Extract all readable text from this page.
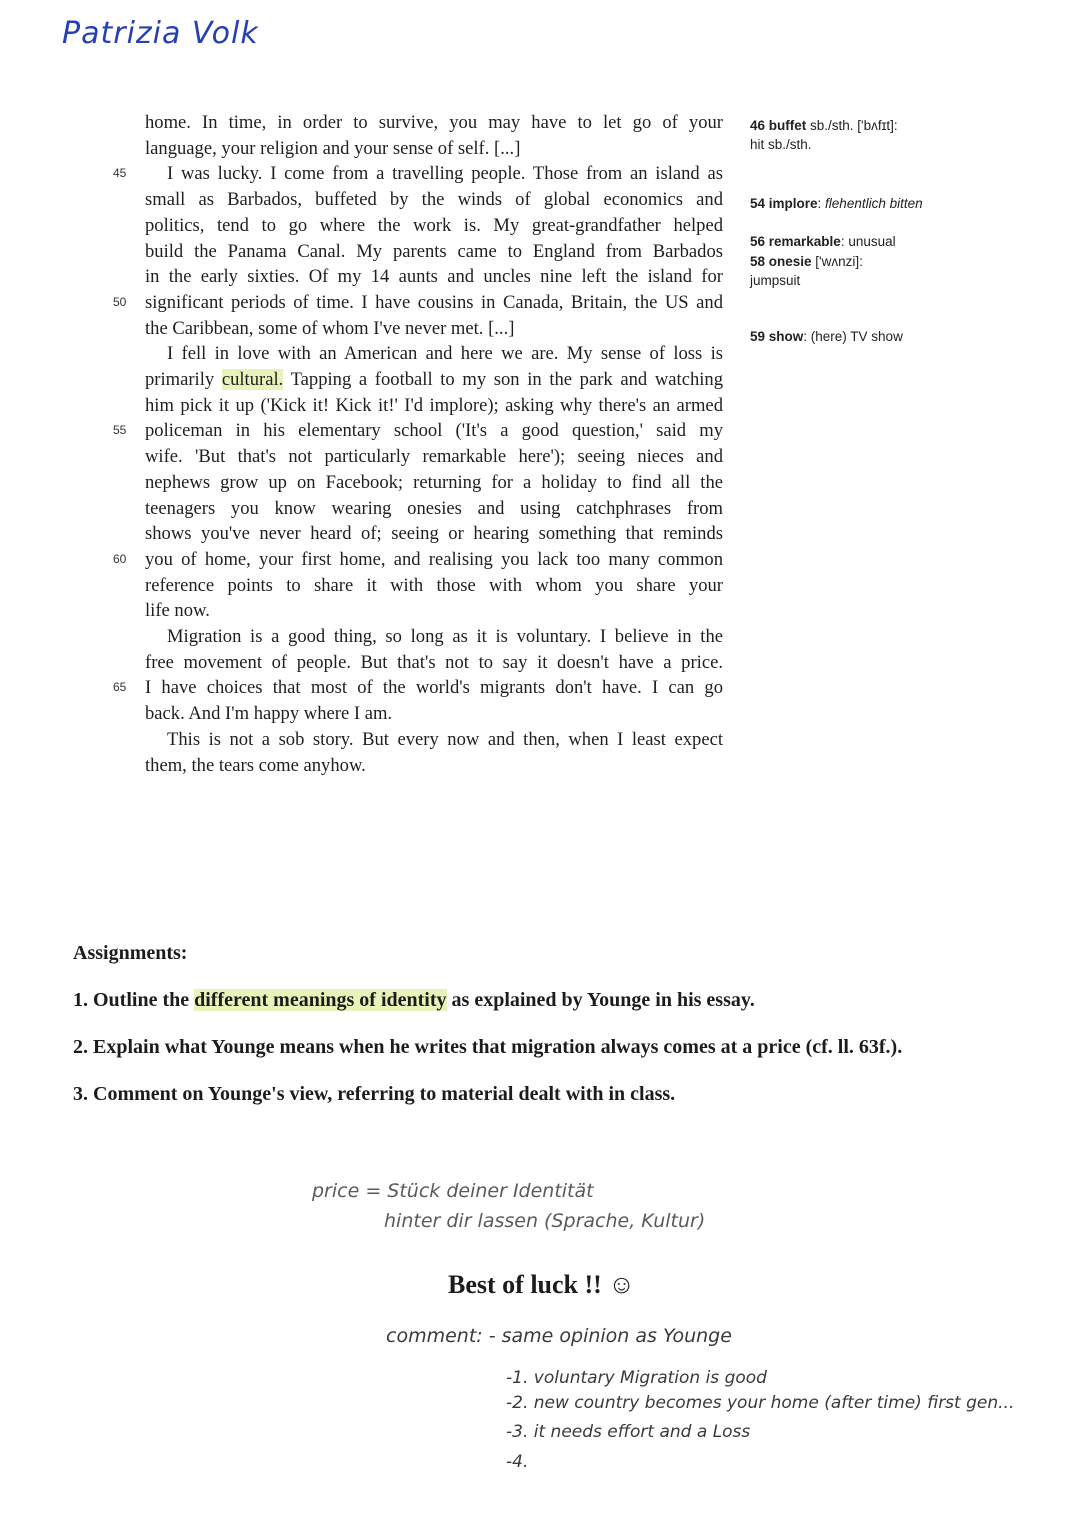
Patrizia Volk
home. In time, in order to survive, you may have to let go of your
language, your religion and your sense of self. [...]
45	I was lucky. I come from a travelling people. Those from an island as
small as Barbados, buffeted by the winds of global economics and
politics, tend to go where the work is. My great-grandfather helped
build the Panama Canal. My parents came to England from Barbados
in the early sixties. Of my 14 aunts and uncles nine left the island for
50	significant periods of time. I have cousins in Canada, Britain, the US and
the Caribbean, some of whom I've never met. [...]
I fell in love with an American and here we are. My sense of loss is
primarily cultural. Tapping a football to my son in the park and watching
him pick it up ('Kick it! Kick it!' I'd implore); asking why there's an armed
55	policeman in his elementary school ('It's a good question,' said my
wife. 'But that's not particularly remarkable here'); seeing nieces and
nephews grow up on Facebook; returning for a holiday to find all the
teenagers you know wearing onesies and using catchphrases from
shows you've never heard of; seeing or hearing something that reminds
60	you of home, your first home, and realising you lack too many common
reference points to share it with those with whom you share your
life now.
Migration is a good thing, so long as it is voluntary. I believe in the
free movement of people. But that's not to say it doesn't have a price.
65	I have choices that most of the world's migrants don't have. I can go
back. And I'm happy where I am.
This is not a sob story. But every now and then, when I least expect
them, the tears come anyhow.
46 buffet sb./sth. ['bʌfɪt]:
hit sb./sth.
54 implore: flehentlich bitten
56 remarkable: unusual
58 onesie ['wʌnzi]:
jumpsuit
59 show: (here) TV show
Assignments:
1. Outline the different meanings of identity as explained by Younge in his essay.
2. Explain what Younge means when he writes that migration always comes at a price (cf. ll. 63f.).
3. Comment on Younge's view, referring to material dealt with in class.
price = Stück deiner Identität
hinter dir lassen (Sprache, Kultur)
Best of luck !! ☺
comment: - same opinion as Younge
-1. voluntary Migration is good
-2. new country becomes your home (after time) first gen...
-3. it needs effort and a Loss
-4.
